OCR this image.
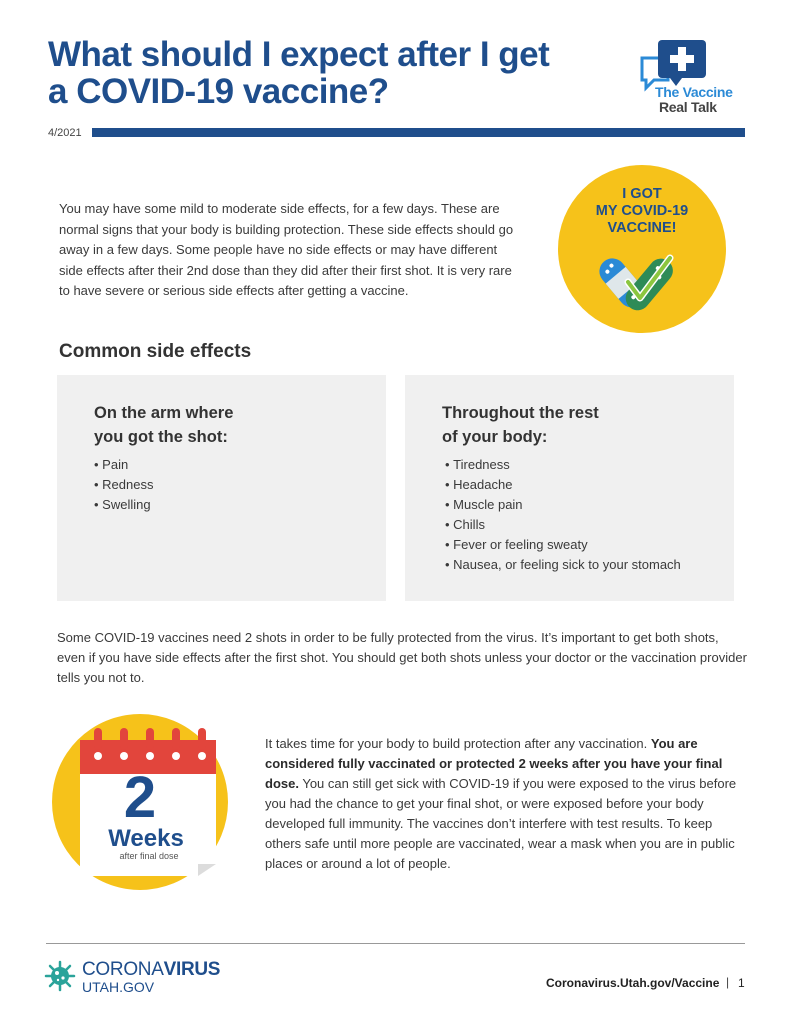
What should I expect after I get a COVID-19 vaccine?	The Vaccine
Real Talk
4/2021

You may have some mild to moderate side effects, for a few days. These are normal signs that your body is building protection. These side effects should go away in a few days. Some people have no side effects or may have different side effects after their 2nd dose than they did after their first shot. It is very rare to have severe or serious side effects after getting a vaccine.

I GOT
MY COVID-19
VACCINE!
Common side effects
On the arm where
you got the shot:
• Pain
• Redness
• Swelling
Throughout the rest
of your body:
• Tiredness
• Headache
• Muscle pain
• Chills
• Fever or feeling sweaty
• Nausea, or feeling sick to your stomach

Some COVID-19 vaccines need 2 shots in order to be fully protected from the virus. It’s important to get both shots, even if you have side effects after the first shot. You should get both shots unless your doctor or the vaccination provider tells you not to.

2
Weeks
after final dose

It takes time for your body to build protection after any vaccination. You are considered fully vaccinated or protected 2 weeks after you have your final dose. You can still get sick with COVID-19 if you were exposed to the virus before you had the chance to get your final shot, or were exposed before your body developed full immunity. The vaccines don’t interfere with test results. To keep others safe until more people are vaccinated, wear a mask when you are in public places or around a lot of people.

CORONAVIRUS
UTAH.GOV	Coronavirus.Utah.gov/Vaccine | 1
